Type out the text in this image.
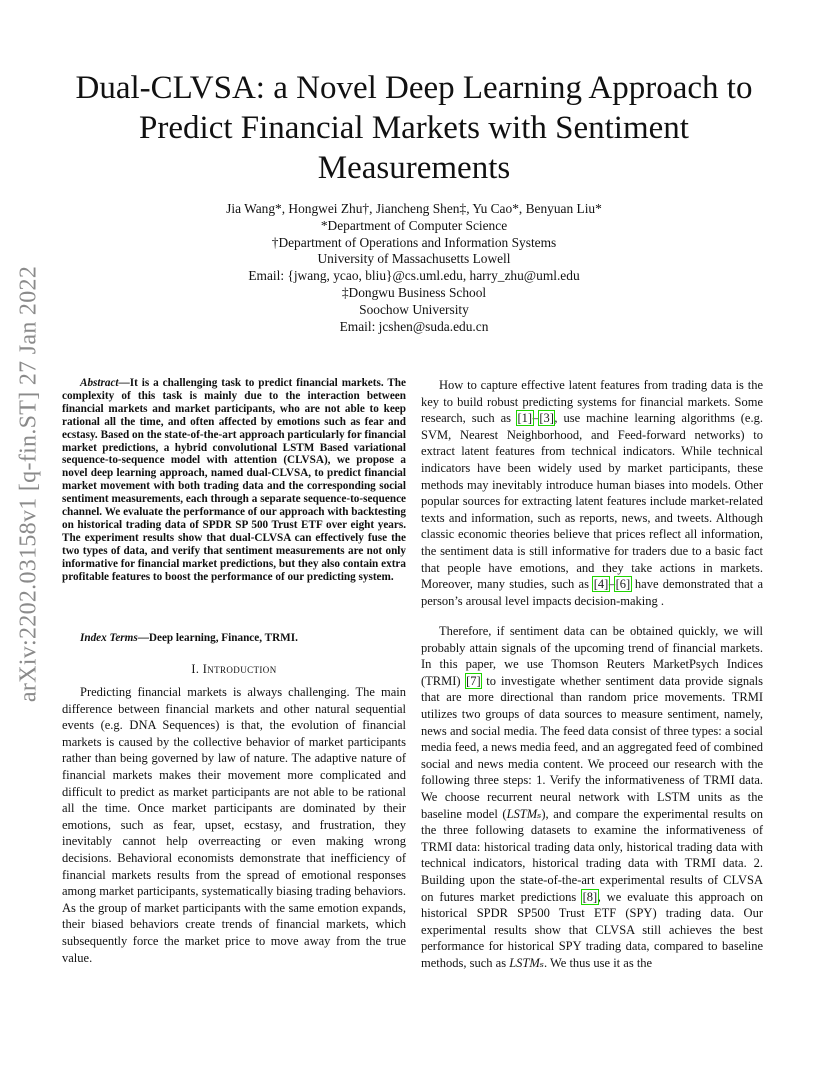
arXiv:2202.03158v1 [q-fin.ST] 27 Jan 2022
Dual-CLVSA: a Novel Deep Learning Approach to Predict Financial Markets with Sentiment Measurements
Jia Wang*, Hongwei Zhu†, Jiancheng Shen‡, Yu Cao*, Benyuan Liu*
*Department of Computer Science
†Department of Operations and Information Systems
University of Massachusetts Lowell
Email: {jwang, ycao, bliu}@cs.uml.edu, harry_zhu@uml.edu
‡Dongwu Business School
Soochow University
Email: jcshen@suda.edu.cn
Abstract—It is a challenging task to predict financial markets. The complexity of this task is mainly due to the interaction between financial markets and market participants, who are not able to keep rational all the time, and often affected by emotions such as fear and ecstasy. Based on the state-of-the-art approach particularly for financial market predictions, a hybrid convolutional LSTM Based variational sequence-to-sequence model with attention (CLVSA), we propose a novel deep learning approach, named dual-CLVSA, to predict financial market movement with both trading data and the corresponding social sentiment measurements, each through a separate sequence-to-sequence channel. We evaluate the performance of our approach with backtesting on historical trading data of SPDR SP 500 Trust ETF over eight years. The experiment results show that dual-CLVSA can effectively fuse the two types of data, and verify that sentiment measurements are not only informative for financial market predictions, but they also contain extra profitable features to boost the performance of our predicting system.
Index Terms—Deep learning, Finance, TRMI.
I. Introduction
Predicting financial markets is always challenging. The main difference between financial markets and other natural sequential events (e.g. DNA Sequences) is that, the evolution of financial markets is caused by the collective behavior of market participants rather than being governed by law of nature. The adaptive nature of financial markets makes their movement more complicated and difficult to predict as market participants are not able to be rational all the time. Once market participants are dominated by their emotions, such as fear, upset, ecstasy, and frustration, they inevitably cannot help overreacting or even making wrong decisions. Behavioral economists demonstrate that inefficiency of financial markets results from the spread of emotional responses among market participants, systematically biasing trading behaviors. As the group of market participants with the same emotion expands, their biased behaviors create trends of financial markets, which subsequently force the market price to move away from the true value.
How to capture effective latent features from trading data is the key to build robust predicting systems for financial markets. Some research, such as [1]–[3], use machine learning algorithms (e.g. SVM, Nearest Neighborhood, and Feed-forward networks) to extract latent features from technical indicators. While technical indicators have been widely used by market participants, these methods may inevitably introduce human biases into models. Other popular sources for extracting latent features include market-related texts and information, such as reports, news, and tweets. Although classic economic theories believe that prices reflect all information, the sentiment data is still informative for traders due to a basic fact that people have emotions, and they take actions in markets. Moreover, many studies, such as [4]–[6] have demonstrated that a person’s arousal level impacts decision-making .
Therefore, if sentiment data can be obtained quickly, we will probably attain signals of the upcoming trend of financial markets. In this paper, we use Thomson Reuters MarketPsych Indices (TRMI) [7] to investigate whether sentiment data provide signals that are more directional than random price movements. TRMI utilizes two groups of data sources to measure sentiment, namely, news and social media. The feed data consist of three types: a social media feed, a news media feed, and an aggregated feed of combined social and news media content. We proceed our research with the following three steps: 1. Verify the informativeness of TRMI data. We choose recurrent neural network with LSTM units as the baseline model (LSTMₛ), and compare the experimental results on the three following datasets to examine the informativeness of TRMI data: historical trading data only, historical trading data with technical indicators, historical trading data with TRMI data. 2. Building upon the state-of-the-art experimental results of CLVSA on futures market predictions [8], we evaluate this approach on historical SPDR SP500 Trust ETF (SPY) trading data. Our experimental results show that CLVSA still achieves the best performance for historical SPY trading data, compared to baseline methods, such as LSTMₛ. We thus use it as the
